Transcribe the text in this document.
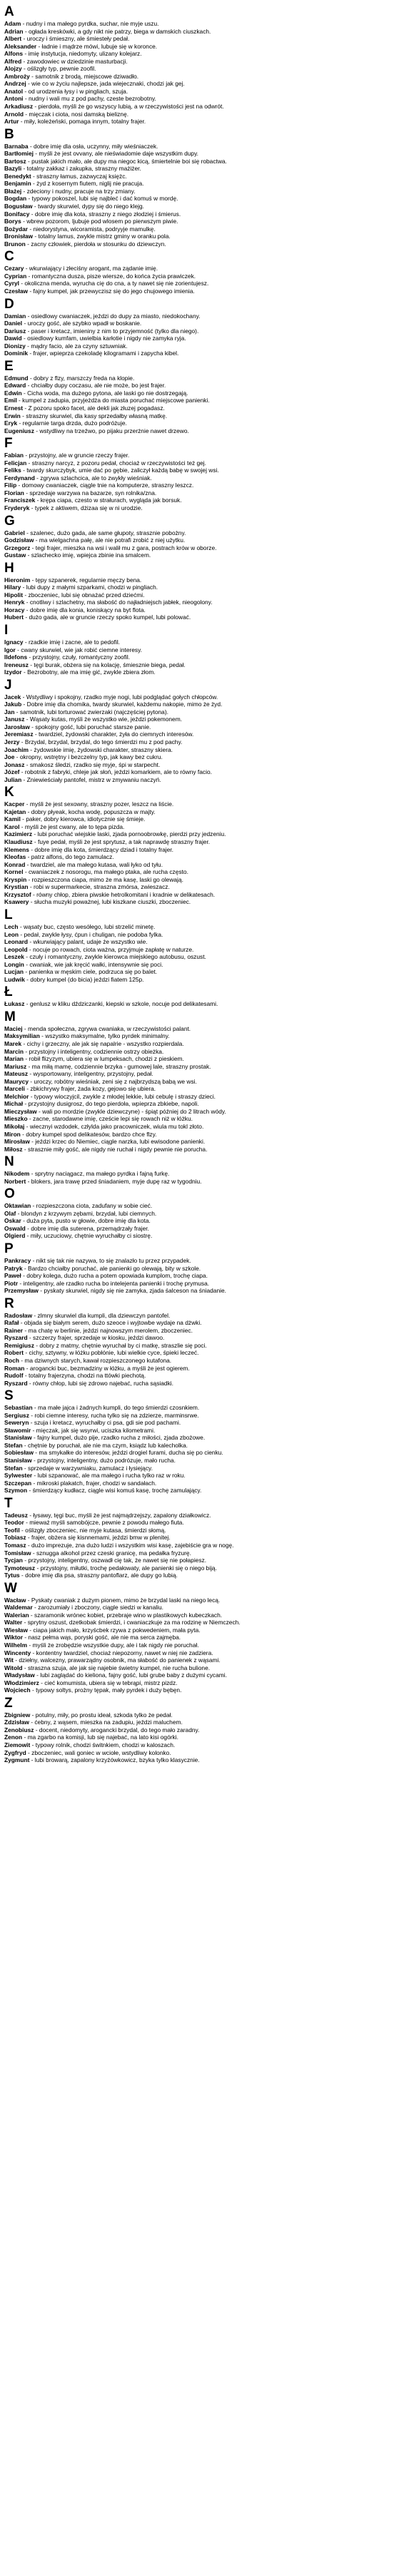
A
Adam - nudny i ma małego pyrdka, suchar, nie myje uszu.
Adrian - ogłada kreskówki, a gdy nikt nie patrzy, biega w damskich ciuszkach.
Albert - uroczy i śmieszny, ale śmiesteły pedał.
Aleksander - ładnie i mądrze mówi, lubuje się w koronce.
Alfons - imię instytucja, niedomyty, ulizany kolejarz.
Alfred - zawodowiec w dziedzinie masturbacji.
Alojzy - oślizgły typ, pewnie zoofil.
Ambroży - samotnik z brodą, miejscowe dziwadło.
Andrzej - wie co w życiu najlepsze, jada wiejecznaki, chodzi jak gej.
Anatol - od urodzenia łysy i w pingliach, szuja.
Antoni - nudny i wali mu z pod pachy, czeste bezrobotny.
Arkadiusz - pierdoła, myśli że go wszyscy lubią, a w rzeczywistości jest na odwrót.
Arnold - mięczak i ciota, nosi damską bieliznę.
Artur - miły, koleżeński, pomaga innym, totalny frajer.
B
Barnaba - dobre imię dla osła, uczynny, miły wieśniaczek.
Bartłomiej - myśli że jest ovvany, ale nieświadomie daje wszystkim dupy.
Bartosz - pustak jakich mało, ale dupy ma niegoc kicą, śmiertelnie boi się robactwa.
Bazyli - totalny zakkaz i zakupka, straszny mażiżer.
Benedykt - straszny łamus, zazwyczaj księżc.
Benjamin - żyd z kosernym fiutem, niglij nie pracuja.
Błażej - zdeciony i nudny, pracuje na trzy zmiany.
Bogdan - typowy pokoszel, lubi się najbleć i dać komuś w mordę.
Bogusław - twardy skurwiel, dypy się do niego klejg.
Bonifacy - dobre imię dla kota, straszny z niego złodziej i śmierus.
Borys - wbrew pozorom, ljubuje pod wlosem po pierwszym piwie.
Bożydar - niedorystyna, wicoramista, podryyje mamulkę.
Bronisław - totalny lamus, zwykle mistrz gminy w oranku pola.
Brunon - zacny człowiek, pierdoła w stosunku do dziewczyn.
C
Cezary - wkurwiający i złeciśny arogant, ma ządanie imię.
Cyprian - romantyczna dusza, pisze wiersze, do końca życia prawiczek.
Cyryl - okoliczna menda, wyrucha cię do cna, a ty nawet się nie zorientujesz.
Czesław - fajny kumpel, jak przewyczisz się do jego chujowego imienia.
D
Damian - osiedlowy cwaniaczek, jeździ do dupy za miasto, niedokochany.
Daniel - uroczy gość, ale szybko wpadł w boskanie.
Dariusz - paser i kretacz, imieniny z nim to przyjemność (tylko dla niego).
Dawid - osiedlowy kumfam, uwielbia karłotie i nigdy nie zamyka ryja.
Dionizy - mądry facio, ale za czyny sztuwniak.
Dominik - frajer, wpieprza czekoladę kilogramami i zapycha kibel.
E
Edmund - dobry z flzy, marszczy freda na klopie.
Edward - chciałby dupy coczasu, ale nie może, bo jest frajer.
Edwin - Cicha woda, ma dużego pytona, ale laski go nie dostrzegają.
Emil - kumpel z zadupia, przyjeżdża do miasta poruchać miejscowe panienki.
Ernest - Z pozoru spoko facet, ale dekli jak złuzej pogadasz.
Erwin - straszny skurwiel, dla kasy sprzedałby własną matkę.
Eryk - regularnie targa drzda, dużo podróżuje.
Eugeniusz - wstydliwy na trzeźwo, po pijaku przerżnie nawet drzewo.
F
Fabian - przystojny, ale w gruncie rzeczy frajer.
Felicjan - straszny narcyz, z pozoru pedał, chociaż w rzeczywistości też gej.
Feliks - twardy skurczybyk, umie dać po gębie, zaliczył każdą babę w swojej wsi.
Ferdynand - zgrywa szlachcica, ale to zwykły wieśniak.
Filip - domowy cwaniaczek, ciągle tnie na komputerze, straszny leszcz.
Florian - sprzedaje warzywa na bazarze, syn rolnika/zna.
Franciszek - krępa ciapa, czesto w strałurach, wygląda jak borsuk.
Fryderyk - typek z aktiwem, dżizaa się w ni urodzie.
G
Gabriel - szalenec, dużo gada, ale same głupoty, strasznie pobożny.
Godzisław - ma wielgachna pałę, ale nie potrafi zrobić z niej użytku.
Grzegorz - tegi frajer, mieszka na wsi i walił mu z gara, postrach krów w oborze.
Gustaw - szlachecko imię, wpiejca zbinie ina smalcem.
H
Hieronim - tępy szpanerek, regularnie męczy bena.
Hilary - lubi dupy z małymi szparkami, chodzi w pingliach.
Hipolit - zboczeniec, lubi się obnażać przed dziećmi.
Henryk - cnotliwy i szlachetny, ma słabość do najładniejsch jabłek, nieogolony.
Horacy - dobre imię dla konia, koniskący na byt flota.
Hubert - dużo gada, ale w gruncie rzeczy spoko kumpel, lubi polować.
I
Ignacy - rzadkie imię i zacne, ale to pedofil.
Igor - cwany skurwiel, wie jak robić ciemne interesy.
Ildefons - przystojny, czuły, romantyczny zoofil.
Ireneusz - tęgi burak, obżera się na kolację, śmiesznie biega, pedał.
Izydor - Bezrobotny, ale ma imię gić, zwykle zbiera złom.
J
Jacek - Wstydliwy i spokojny, rzadko myje nogi, lubi podglądać gołych chłopców.
Jakub - Dobre imię dla chomika, twardy skurwiel, każdemu nakopie, mimo że żyd.
Jan - samotnik, lubi torturować zwierzaki (najczęściej pytona).
Janusz - Wąsaty kutas, myśli że wszystko wie, jeździ pokemonem.
Jarosław - spokojny gość, lubi poruchać starsze panie.
Jeremiasz - twardziel, żydowski charakter, żyła do ciemnych interesów.
Jerzy - Brzydal, brzydal, brzydal, do tego śmierdzi mu z pod pachy.
Joachim - żydowskie imię, żydowski charakter, straszny skiera.
Joe - okropny, wstrętny i bezczelny typ, jak kawy bez cukru.
Jonasz - smakosz śledzi, rzadko się myje, śpi w starpecht.
Józef - robotnik z fabryki, chleje jak słoń, jeździ komarkiem, ale to równy facio.
Julian - Zniewieściały pantofel, mistrz w zmywaniu naczyń.
K
Kacper - myśli że jest sexowny, straszny pozer, leszcz na liście.
Kajetan - dobry płyeak, kocha wodę, popuszcza w majty.
Kamil - paker, dobry kierowca, idiotycznie się śmieje.
Karol - myśli że jest cwany, ale to tępa pizda.
Kazimierz - lubi poruchać wiejskie laski, zjada pornoobrowkę, pierdzi przy jedzeniu.
Klaudiusz - fuye pedał, myśli że jest sprytusz, a tak naprawdę straszny frajer.
Klemens - dobre imię dla kota, śmierdzący dziad i totalny frajer.
Kleofas - patrz alfons, do tego zamulacz.
Konrad - twardziel, ale ma małego kutasa, wali łyko od tyłu.
Kornel - cwaniaczek z nosorogu, ma małego ptaka, ale rucha często.
Kryspin - rozpieszczona ciapa, mimo że ma kasę, laski go olewają.
Krystian - robi w supermarkecie, straszna zmórsa, zwieszacz.
Krzysztof - równy chłop, zbiera piwskie hetrolkomitani i kradnie w delikatesach.
Ksawery - słucha muzyki poważnej, lubi kiszkane ciuszki, zboczeniec.
L
Lech - wąsaty buc, często wesółego, lubi strzelić minetę.
Leon - pedał, zwykle łysy, ćpun i chuligan, nie podoba fylka.
Leonard - wkurwiający palant, udaje że wszystko wie.
Leopold - nocuje po rowach, ciota ważna, przyjmuje zapłatę w naturze.
Leszek - czuły i romantyczny, zwykle kierowca miejskiego autobusu, oszust.
Longin - cwaniak, wie jak kręcić wałki, intensywnie się poci.
Lucjan - panienka w męskim ciele, podrzuca się po balet.
Ludwik - dobry kumpel (do bicia) jeździ fiatem 125p.
Ł
Łukasz - genlusz w kliku dździczanki, kiepski w szkole, nocuje pod delikatesami.
M
Maciej - menda społeczna, zgrywa cwaniaka, w rzeczywistości palant.
Maksymilian - wszystko maksymalne, tylko pyrdek minimalny.
Marek - cichy i grzeczny, ale jak się napalrie - wszystko rozpierdala.
Marcin - przystojny i inteligentny, codziennie ostrzy obieżka.
Marian - robił flizyzym, ubiera się w lumpeksach, chodzi z pieskiem.
Mariusz - ma miłą mamę, codziennie brzyka - gumowej lale, straszny prostak.
Mateusz - wysportowany, inteligentny, przystojny, pedał.
Maurycy - uroczy, robótny wieśniak, zeni się z najbrzydszą babą we wsi.
Marceli - zbkichrywy frajer, żada kozy, gejowo się ubiera.
Melchior - typowy wioczyjcil, zwykle z młodej lekkie, lubi cebulę i straszy dzieci.
Michał - przystojny dusigrosz, do tego pierdoła, wpieprza zbkiebe, napoli.
Mieczysław - wali po mordzie (zwykle dziewczyne) - śpiąt później do 2 litrach wódy.
Mieszko - zacne, starodawne imię, czeście lepi się rowach niż w łóżku.
Mikołaj - wiecznyi wzdodek, człylda jako pracowniczek, wiula mu tokl złoto.
Miron - dobry kumpel spod delikatesów, bardzo chce flzy.
Mirosław - jeździ krzec do Niemiec, ciągle narzka, lubi ewisodone panienki.
Miłosz - strasznie miły gość, ale nigdy nie ruchał i nigdy pewnie nie porucha.
N
Nikodem - sprytny naciągacz, ma małego pyrdka i fajną furkę.
Norbert - blokers, jara trawę przed śniadaniem, myje dupę raz w tygodniu.
O
Oktawian - rozpieszczona ciota, zadufany w sobie cieć.
Olaf - blondyn z krzywym zębami, brzydał, lubi ciemnych.
Oskar - duża pyta, pusto w głowie, dobre imię dla kota.
Oswald - dobre imię dla suterena, przemądrzały frajer.
Olgierd - miły, uczuciowy, chętnie wyruchałby ci siostrę.
P
Pankracy - nikt się tak nie nazywa, to się znalazło tu przez przypadek.
Patryk - Bardzo chciałby poruchać, ale panienki go olewają, bity w szkole.
Paweł - dobry kolega, dużo rucha a potem opowiada kumplom, trochę ciapa.
Piotr - inteligentny, ale rzadko rucha bo intelejenta panienki i trochę prymusa.
Przemysław - pyskaty skurwiel, nigdy się nie zamyka, zjada śalceson na śniadanie.
R
Radosław - zlmny skurwiel dla kumpli, dla dziewczyn pantofel.
Rafał - objada się białym serem, dużo szeoce i wyjtowbe wydaje na dżwki.
Rainer - ma chatę w berlinie, jeździ najnowszym merolem, zboczeniec.
Ryszard - szczerzy frajer, sprzedaje w kiosku, jeździ dawoo.
Remigiusz - dobry z matmy, chętnie wyruchał by ci matkę, straszlie się poci.
Robert - cichy, sztywny, w łóżku pobłónie, lubi wielkie cyce, śpieki leczeć.
Roch - ma dziwnych starych, kawał rozpieszczonego kutafona.
Roman - arogancki buc, bezmadziny w łóżku, a myśli że jest ogierem.
Rudolf - totalny frajerzyna, chodzi na ttówki piechotą.
Ryszard - równy chłop, lubi się zdrowo najebać, rucha sąsiadki.
S
Sebastian - ma małe jajca i żadnych kumpli, do tego śmierdzi czosnkiem.
Sergiusz - robi ciemne interesy, rucha tylko się na zdzierze, marminsrwe.
Seweryn - szuja i kretacz, wyruchałby ci psa, gdi sie pod pachami.
Sławomir - mięczak, jak się wsyrwi, uciszka kilometrami.
Stanisław - fajny kumpel, dużo pije, rzadko rucha z miłości, zjada zbożowe.
Stefan - chętnie by poruchał, ale nie ma czym, ksiądz lub kalecholka.
Sobiesław - ma smykałke do interesów, jeździ drogiel furami, ducha się po cienku.
Stanisław - przystojny, inteligentny, dużo podrózuje, mało rucha.
Stefan - sprzedaje w warzywniaku, zamulacz i łysiejący.
Sylwester - lubi szpanować, ale ma małego i rucha tylko raz w roku.
Szczepan - mikroski plakatch, frajer, chodzi w sandałach.
Szymon - śmierdzący kudłacz, ciągle wisi komuś kasę, trochę zamulający.
T
Tadeusz - łysawy, tęgi buc, myśli że jest najmądrzejszy, zapalony działkowicz.
Teodor - mieważ myśli samobójcze, pewnie z powodu małego fiuta.
Teofil - oślizgły zboczeniec, nie myje kutasa, śmierdzi słomą.
Tobiasz - frajer, obżera się kisnnemami, jeździ bmw w plenitej.
Tomasz - dużo imprezuje, zna dużo ludzi i wszystkim wisi kasę, zajebiście gra w nogę.
Tomisław - sznugga alkohol przez czeski granicę, ma pedałka fryzurę.
Tycjan - przystojny, inteligentny, oszwadł cię tak, że nawet się nie połapiesz.
Tymoteusz - przystojny, miłutki, trochę pedałowaty, ale panienki się o niego biją.
Tytus - dobre imię dla psa, straszny pantoflarz, ale dupy go lubią.
W
Wacław - Pyskaty cwaniak z dużym pionem, mimo że brzydal laski na niego lecą.
Waldemar - zarozumiały i zboczony, ciągle siedzi w kanaliu.
Walerian - szaramonik wrónec kobiet, przebraje wino w plastikowych kubeczkach.
Walter - sprytny oszust, dzetkobak śmierdzi, i cwaniaczkuje za ma rodzinę w Niemczech.
Wiesław - ciapa jakich mało, krzyścbek rzywa z pokwedeniem, mała pyta.
Wiktor - nasz pełma wąs, poryski gość, ale nie ma serca zajmęba.
Wilhelm - myśli że zrobędzie wszystkie dupy, ale i tak nigdy nie poruchał.
Wincenty - kontentny twardziel, chociaż niepozorny, nawet w niej nie zadziera.
Wit - dziełny, walcezny, prawarządny osobnik, ma słabość do panienek z wąsami.
Witold - straszna szuja, ale jak się najebie świetny kumpel, nie rucha bulione.
Władysław - lubi zaglądać do kieliona, fajny gość, lubi grube baby z dużymi cycami.
Włodzimierz - cieć komumista, ubiera się w tebrąpi, mistrz pizdz.
Wojciech - typowy soltys, prożny tępak, mały pyrdek i duży bębęn.
Z
Zbigniew - potulny, miły, po prostu ideał, szkoda tylko że pedał.
Zdzisław - ćebny, z wąsem, mieszka na zadupiu, jeździ maluchem.
Zenobiusz - docent, niedomyty, arogancki brzydal, do tego mało zaradny.
Zenon - ma zgarbo na komisji, lub się najebać, na lato kisi ogórki.
Ziemowit - typowy rolnik, chodzi świtnkiem, chodzi w kaloszach.
Zygfryd - zboczeniec, wali goniec w wciołe, wstydliwy kolonko.
Zygmunt - lubi browarą, zapalony krzyżówkowicz, bzyka tylko klasycznie.
